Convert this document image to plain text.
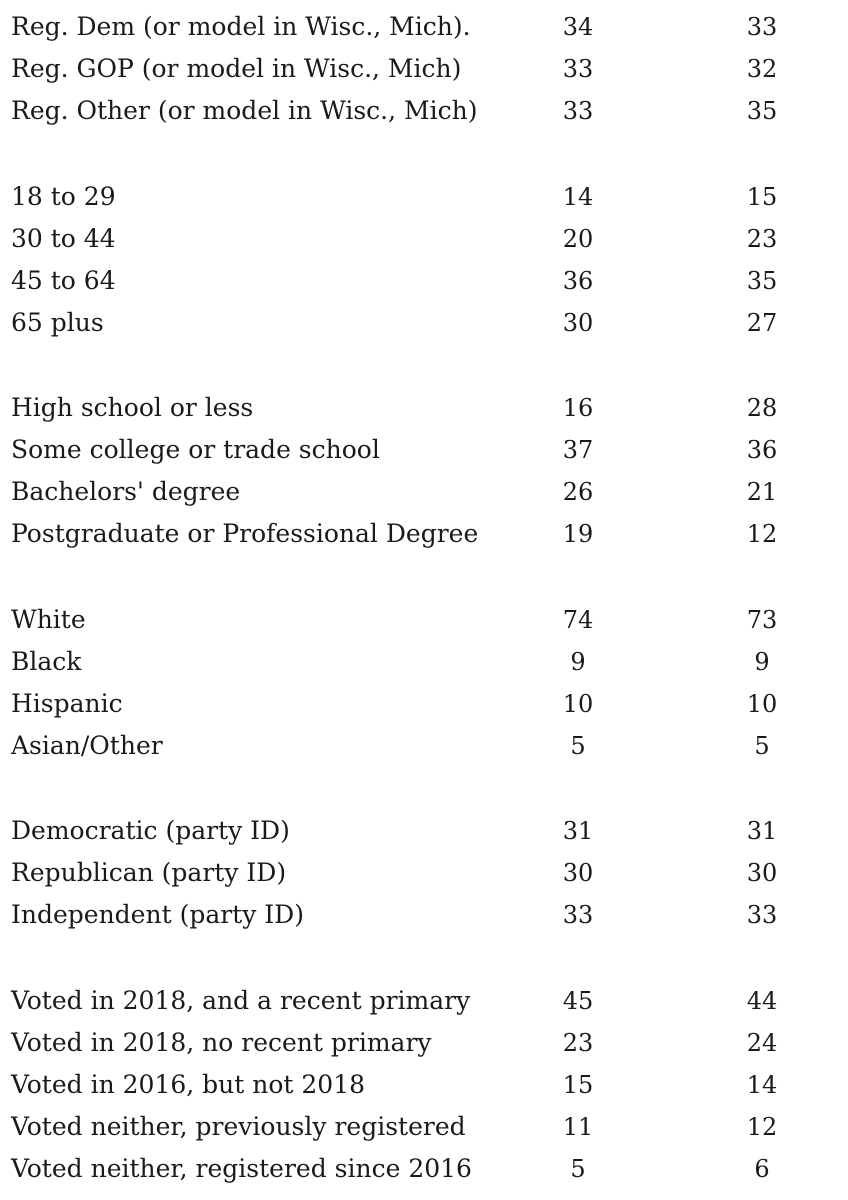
Reg. Dem (or model in Wisc., Mich).	34	33
Reg. GOP (or model in Wisc., Mich)	33	32
Reg. Other (or model in Wisc., Mich)	33	35
18 to 29	14	15
30 to 44	20	23
45 to 64	36	35
65 plus	30	27
High school or less	16	28
Some college or trade school	37	36
Bachelors' degree	26	21
Postgraduate or Professional Degree	19	12
White	74	73
Black	9	9
Hispanic	10	10
Asian/Other	5	5
Democratic (party ID)	31	31
Republican (party ID)	30	30
Independent (party ID)	33	33
Voted in 2018, and a recent primary	45	44
Voted in 2018, no recent primary	23	24
Voted in 2016, but not 2018	15	14
Voted neither, previously registered	11	12
Voted neither, registered since 2016	5	6
